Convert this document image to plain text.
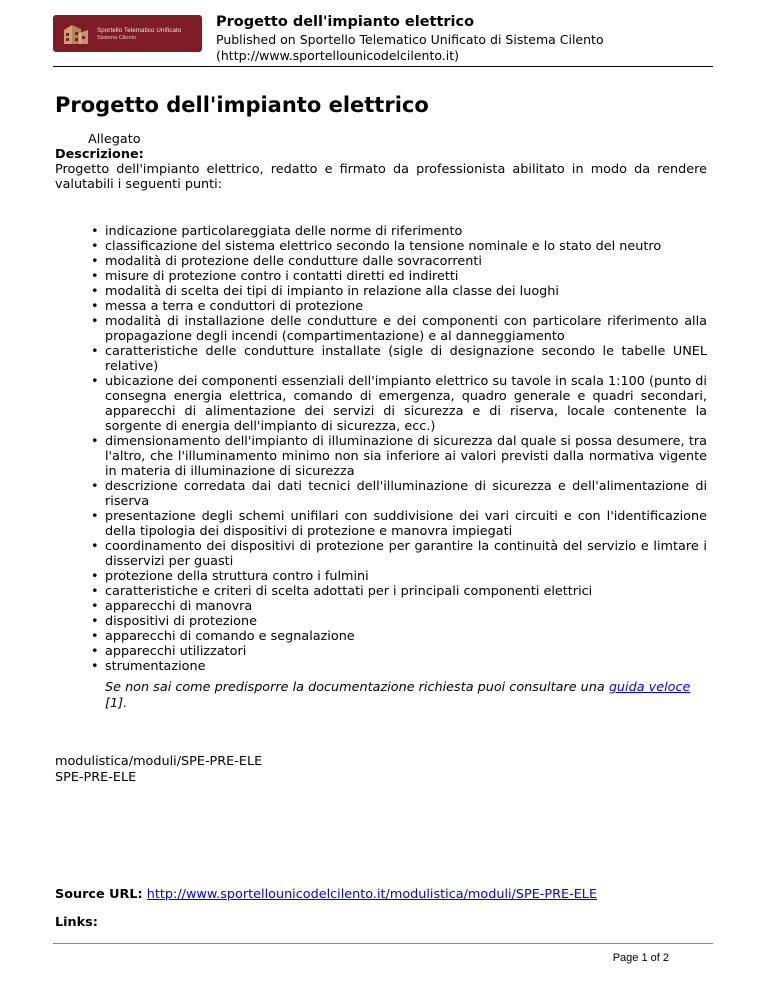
Sportello Telematico Unificato
Sistema Cilento
Progetto dell'impianto elettrico
Published on Sportello Telematico Unificato di Sistema Cilento
(http://www.sportellounicodelcilento.it)
Progetto dell'impianto elettrico
Allegato
Descrizione:
Progetto dell'impianto elettrico, redatto e firmato da professionista abilitato in modo da rendere valutabili i seguenti punti:
• indicazione particolareggiata delle norme di riferimento
• classificazione del sistema elettrico secondo la tensione nominale e lo stato del neutro
• modalità di protezione delle condutture dalle sovracorrenti
• misure di protezione contro i contatti diretti ed indiretti
• modalità di scelta dei tipi di impianto in relazione alla classe dei luoghi
• messa a terra e conduttori di protezione
• modalità di installazione delle condutture e dei componenti con particolare riferimento alla propagazione degli incendi (compartimentazione) e al danneggiamento
• caratteristiche delle condutture installate (sigle di designazione secondo le tabelle UNEL relative)
• ubicazione dei componenti essenziali dell'impianto elettrico su tavole in scala 1:100 (punto di consegna energia elettrica, comando di emergenza, quadro generale e quadri secondari, apparecchi di alimentazione dei servizi di sicurezza e di riserva, locale contenente la sorgente di energia dell'impianto di sicurezza, ecc.)
• dimensionamento dell'impianto di illuminazione di sicurezza dal quale si possa desumere, tra l'altro, che l'illuminamento minimo non sia inferiore ai valori previsti dalla normativa vigente in materia di illuminazione di sicurezza
• descrizione corredata dai dati tecnici dell'illuminazione di sicurezza e dell'alimentazione di riserva
• presentazione degli schemi unifilari con suddivisione dei vari circuiti e con l'identificazione della tipologia dei dispositivi di protezione e manovra impiegati
• coordinamento dei dispositivi di protezione per garantire la continuità del servizio e limtare i disservizi per guasti
• protezione della struttura contro i fulmini
• caratteristiche e criteri di scelta adottati per i principali componenti elettrici
• apparecchi di manovra
• dispositivi di protezione
• apparecchi di comando e segnalazione
• apparecchi utilizzatori
• strumentazione
Se non sai come predisporre la documentazione richiesta puoi consultare una guida veloce [1].
modulistica/moduli/SPE-PRE-ELE
SPE-PRE-ELE
Source URL: http://www.sportellounicodelcilento.it/modulistica/moduli/SPE-PRE-ELE
Links:
Page 1 of 2
